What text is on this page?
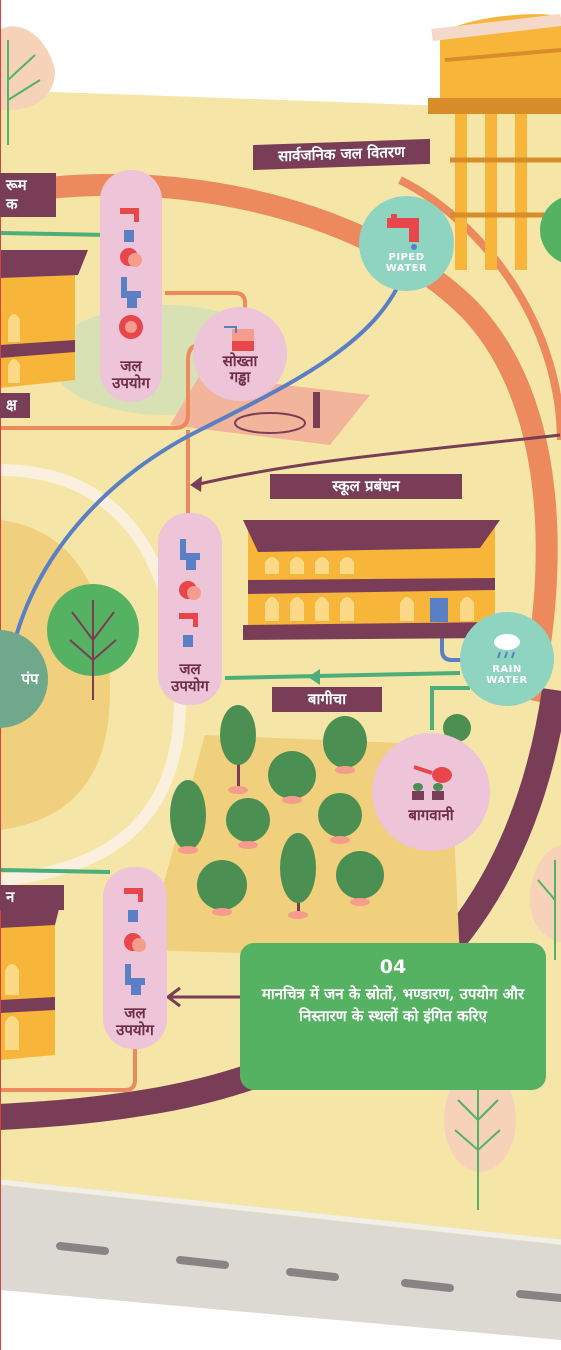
सार्वजनिक जल वितरण
रूम
क
क्ष
स्कूल प्रबंधन
बागीचा
न
जल
उपयोग
जल
उपयोग
जल
उपयोग
PIPED
WATER
सोख्ता
गड्ढा
RAIN
WATER
बागवानी
पंप
04
मानचित्र में जन के स्रोतों, भण्डारण, उपयोग और निस्तारण के स्थलों को इंगित करिए
